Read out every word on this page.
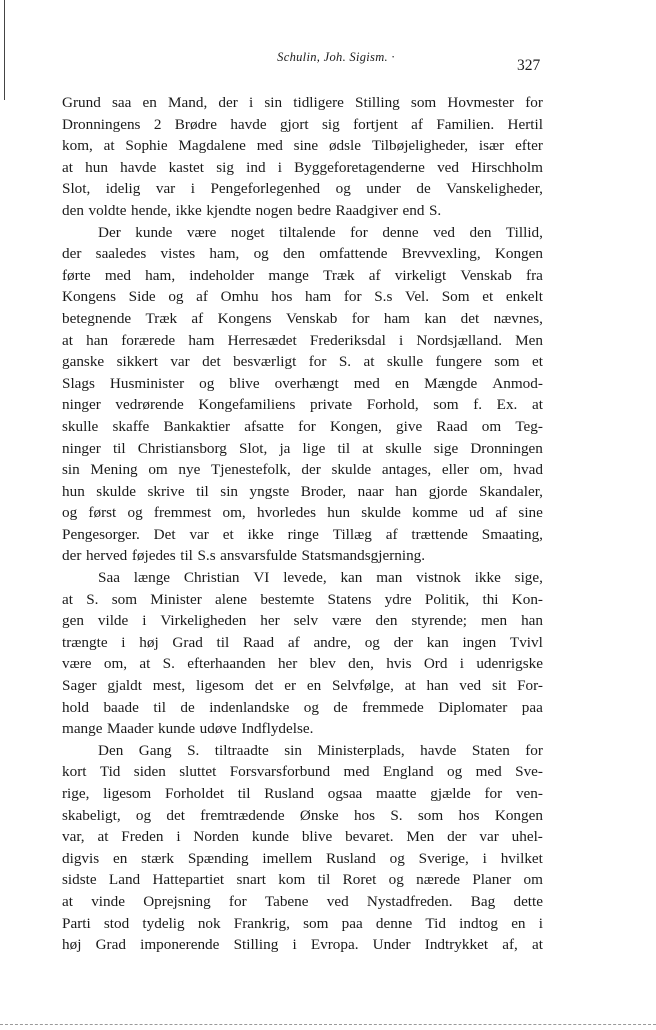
Schulin, Joh. Sigism. ·	327
Grund saa en Mand, der i sin tidligere Stilling som Hovmester for
Dronningens 2 Brødre havde gjort sig fortjent af Familien. Hertil
kom, at Sophie Magdalene med sine ødsle Tilbøjeligheder, især efter
at hun havde kastet sig ind i Byggeforetagenderne ved Hirschholm
Slot, idelig var i Pengeforlegenhed og under de Vanskeligheder,
den voldte hende, ikke kjendte nogen bedre Raadgiver end S.
Der kunde være noget tiltalende for denne ved den Tillid,
der saaledes vistes ham, og den omfattende Brevvexling, Kongen
førte med ham, indeholder mange Træk af virkeligt Venskab fra
Kongens Side og af Omhu hos ham for S.s Vel. Som et enkelt
betegnende Træk af Kongens Venskab for ham kan det nævnes,
at han forærede ham Herresædet Frederiksdal i Nordsjælland. Men
ganske sikkert var det besværligt for S. at skulle fungere som et
Slags Husminister og blive overhængt med en Mængde Anmod-
ninger vedrørende Kongefamiliens private Forhold, som f. Ex. at
skulle skaffe Bankaktier afsatte for Kongen, give Raad om Teg-
ninger til Christiansborg Slot, ja lige til at skulle sige Dronningen
sin Mening om nye Tjenestefolk, der skulde antages, eller om, hvad
hun skulde skrive til sin yngste Broder, naar han gjorde Skandaler,
og først og fremmest om, hvorledes hun skulde komme ud af sine
Pengesorger. Det var et ikke ringe Tillæg af trættende Smaating,
der herved føjedes til S.s ansvarsfulde Statsmandsgjerning.
Saa længe Christian VI levede, kan man vistnok ikke sige,
at S. som Minister alene bestemte Statens ydre Politik, thi Kon-
gen vilde i Virkeligheden her selv være den styrende; men han
trængte i høj Grad til Raad af andre, og der kan ingen Tvivl
være om, at S. efterhaanden her blev den, hvis Ord i udenrigske
Sager gjaldt mest, ligesom det er en Selvfølge, at han ved sit For-
hold baade til de indenlandske og de fremmede Diplomater paa
mange Maader kunde udøve Indflydelse.
Den Gang S. tiltraadte sin Ministerplads, havde Staten for
kort Tid siden sluttet Forsvarsforbund med England og med Sve-
rige, ligesom Forholdet til Rusland ogsaa maatte gjælde for ven-
skabeligt, og det fremtrædende Ønske hos S. som hos Kongen
var, at Freden i Norden kunde blive bevaret. Men der var uhel-
digvis en stærk Spænding imellem Rusland og Sverige, i hvilket
sidste Land Hattepartiet snart kom til Roret og nærede Planer om
at vinde Oprejsning for Tabene ved Nystadfreden. Bag dette
Parti stod tydelig nok Frankrig, som paa denne Tid indtog en i
høj Grad imponerende Stilling i Evropa. Under Indtrykket af, at
